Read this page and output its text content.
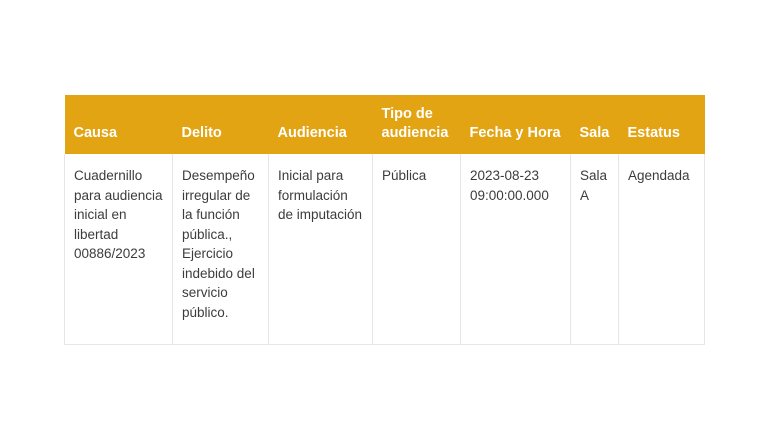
Causa	Delito	Audiencia	Tipo de audiencia	Fecha y Hora	Sala	Estatus
Cuadernillo para audiencia inicial en libertad 00886/2023	Desempeño irregular de la función pública., Ejercicio indebido del servicio público.	Inicial para formulación de imputación	Pública	2023-08-23 09:00:00.000	Sala A	Agendada
